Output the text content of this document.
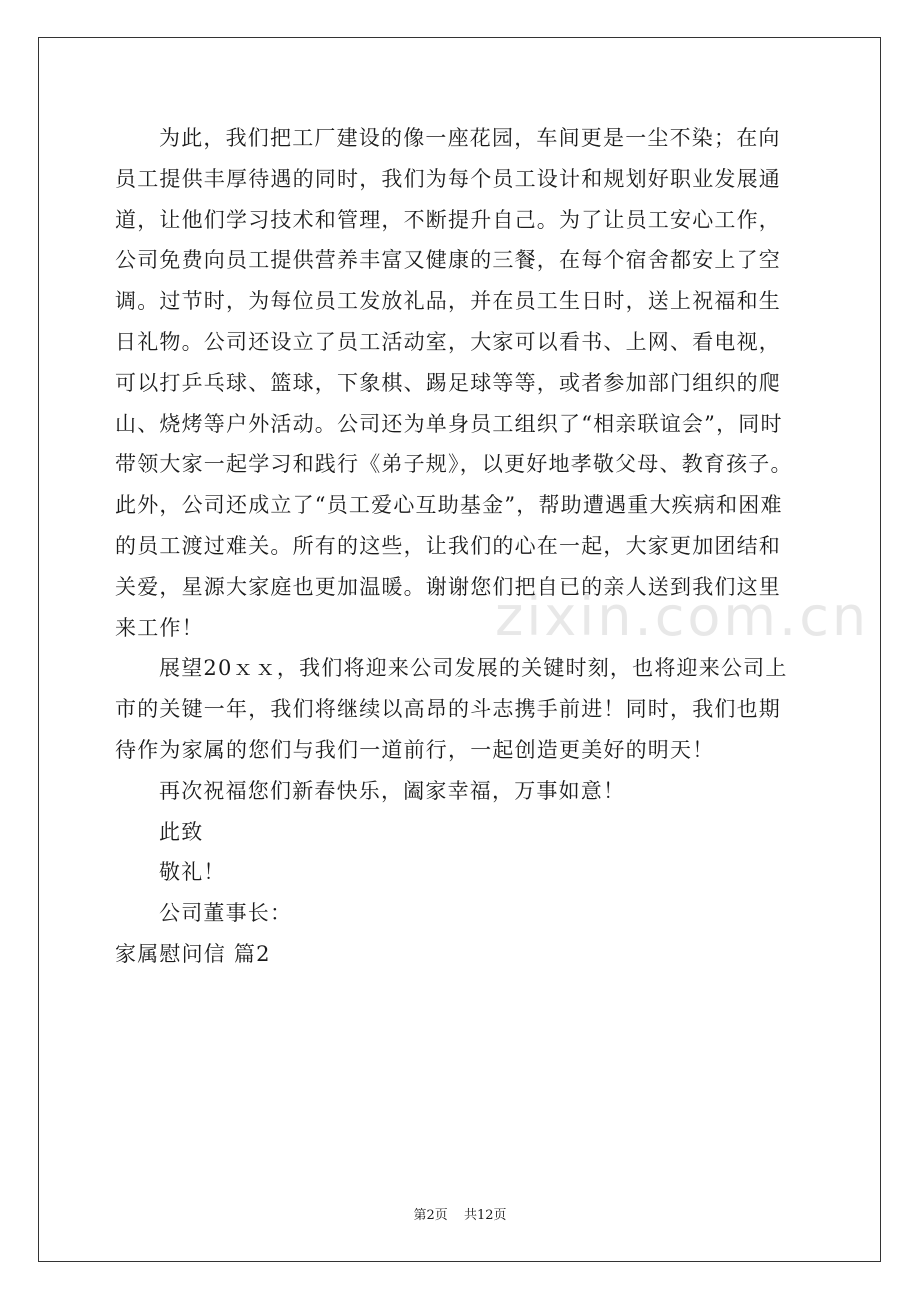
zixin.com.cn
为此，我们把工厂建设的像一座花园，车间更是一尘不染；在向
员工提供丰厚待遇的同时，我们为每个员工设计和规划好职业发展通
道，让他们学习技术和管理，不断提升自己。为了让员工安心工作，
公司免费向员工提供营养丰富又健康的三餐，在每个宿舍都安上了空
调。过节时，为每位员工发放礼品，并在员工生日时，送上祝福和生
日礼物。公司还设立了员工活动室，大家可以看书、上网、看电视，
可以打乒乓球、篮球，下象棋、踢足球等等，或者参加部门组织的爬
山、烧烤等户外活动。公司还为单身员工组织了“相亲联谊会”，同时
带领大家一起学习和践行《弟子规》，以更好地孝敬父母、教育孩子。
此外，公司还成立了“员工爱心互助基金”，帮助遭遇重大疾病和困难
的员工渡过难关。所有的这些，让我们的心在一起，大家更加团结和
关爱，星源大家庭也更加温暖。谢谢您们把自已的亲人送到我们这里
来工作！
展望20ｘｘ，我们将迎来公司发展的关键时刻，也将迎来公司上
市的关键一年，我们将继续以高昂的斗志携手前进！同时，我们也期
待作为家属的您们与我们一道前行，一起创造更美好的明天！
再次祝福您们新春快乐，阖家幸福，万事如意！
此致
敬礼！
公司董事长：
家属慰问信 篇2
第2页 共12页
